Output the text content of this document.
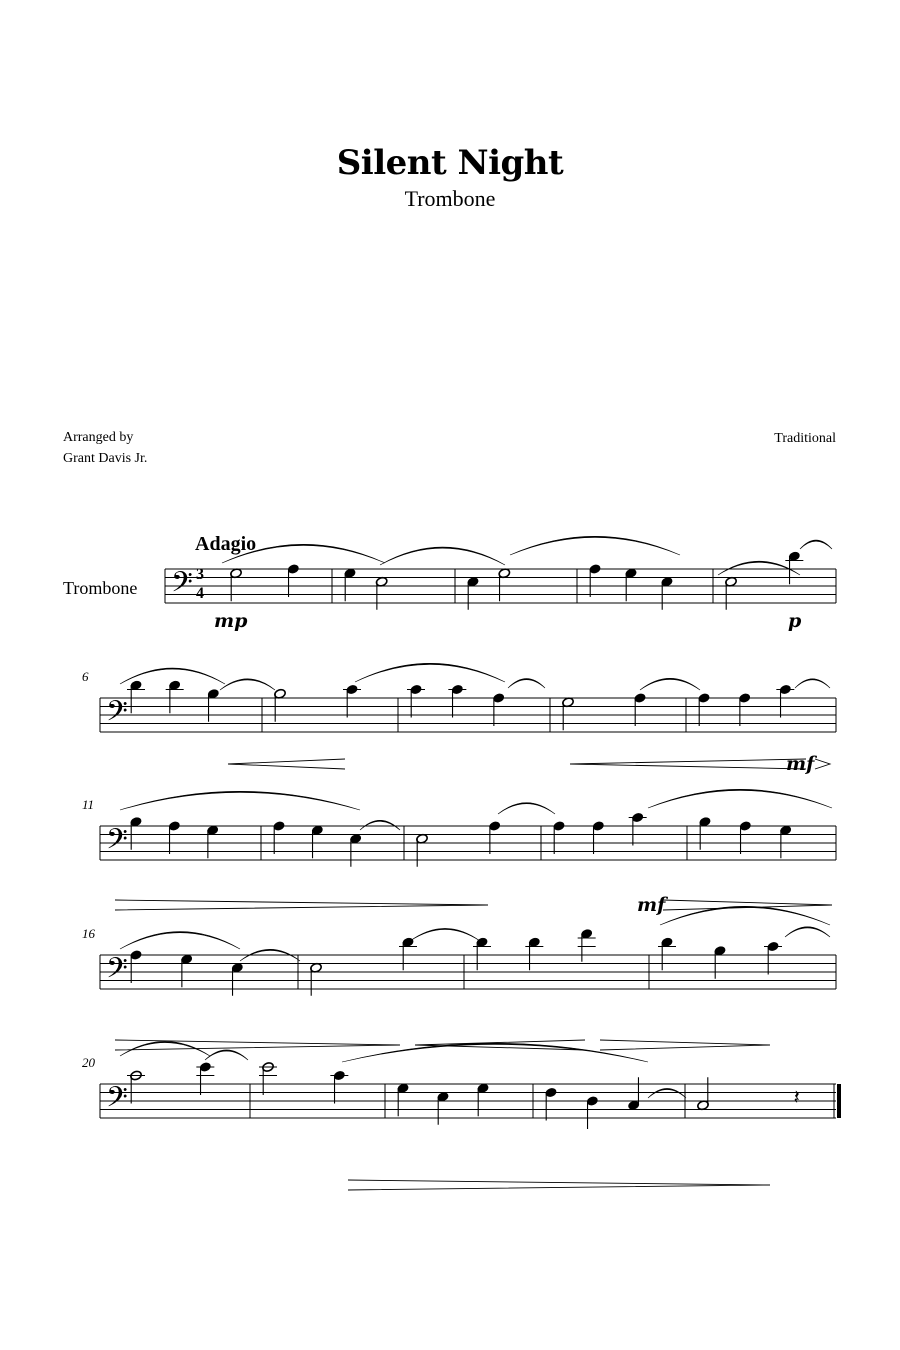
Silent Night
Trombone
Arranged by
Grant Davis Jr.
Traditional
Adagio
Trombone
3
4
𝄢
mp	p
𝄢
6
mf
𝄢
11
mf
𝄢
16
𝄢
20
𝄽
